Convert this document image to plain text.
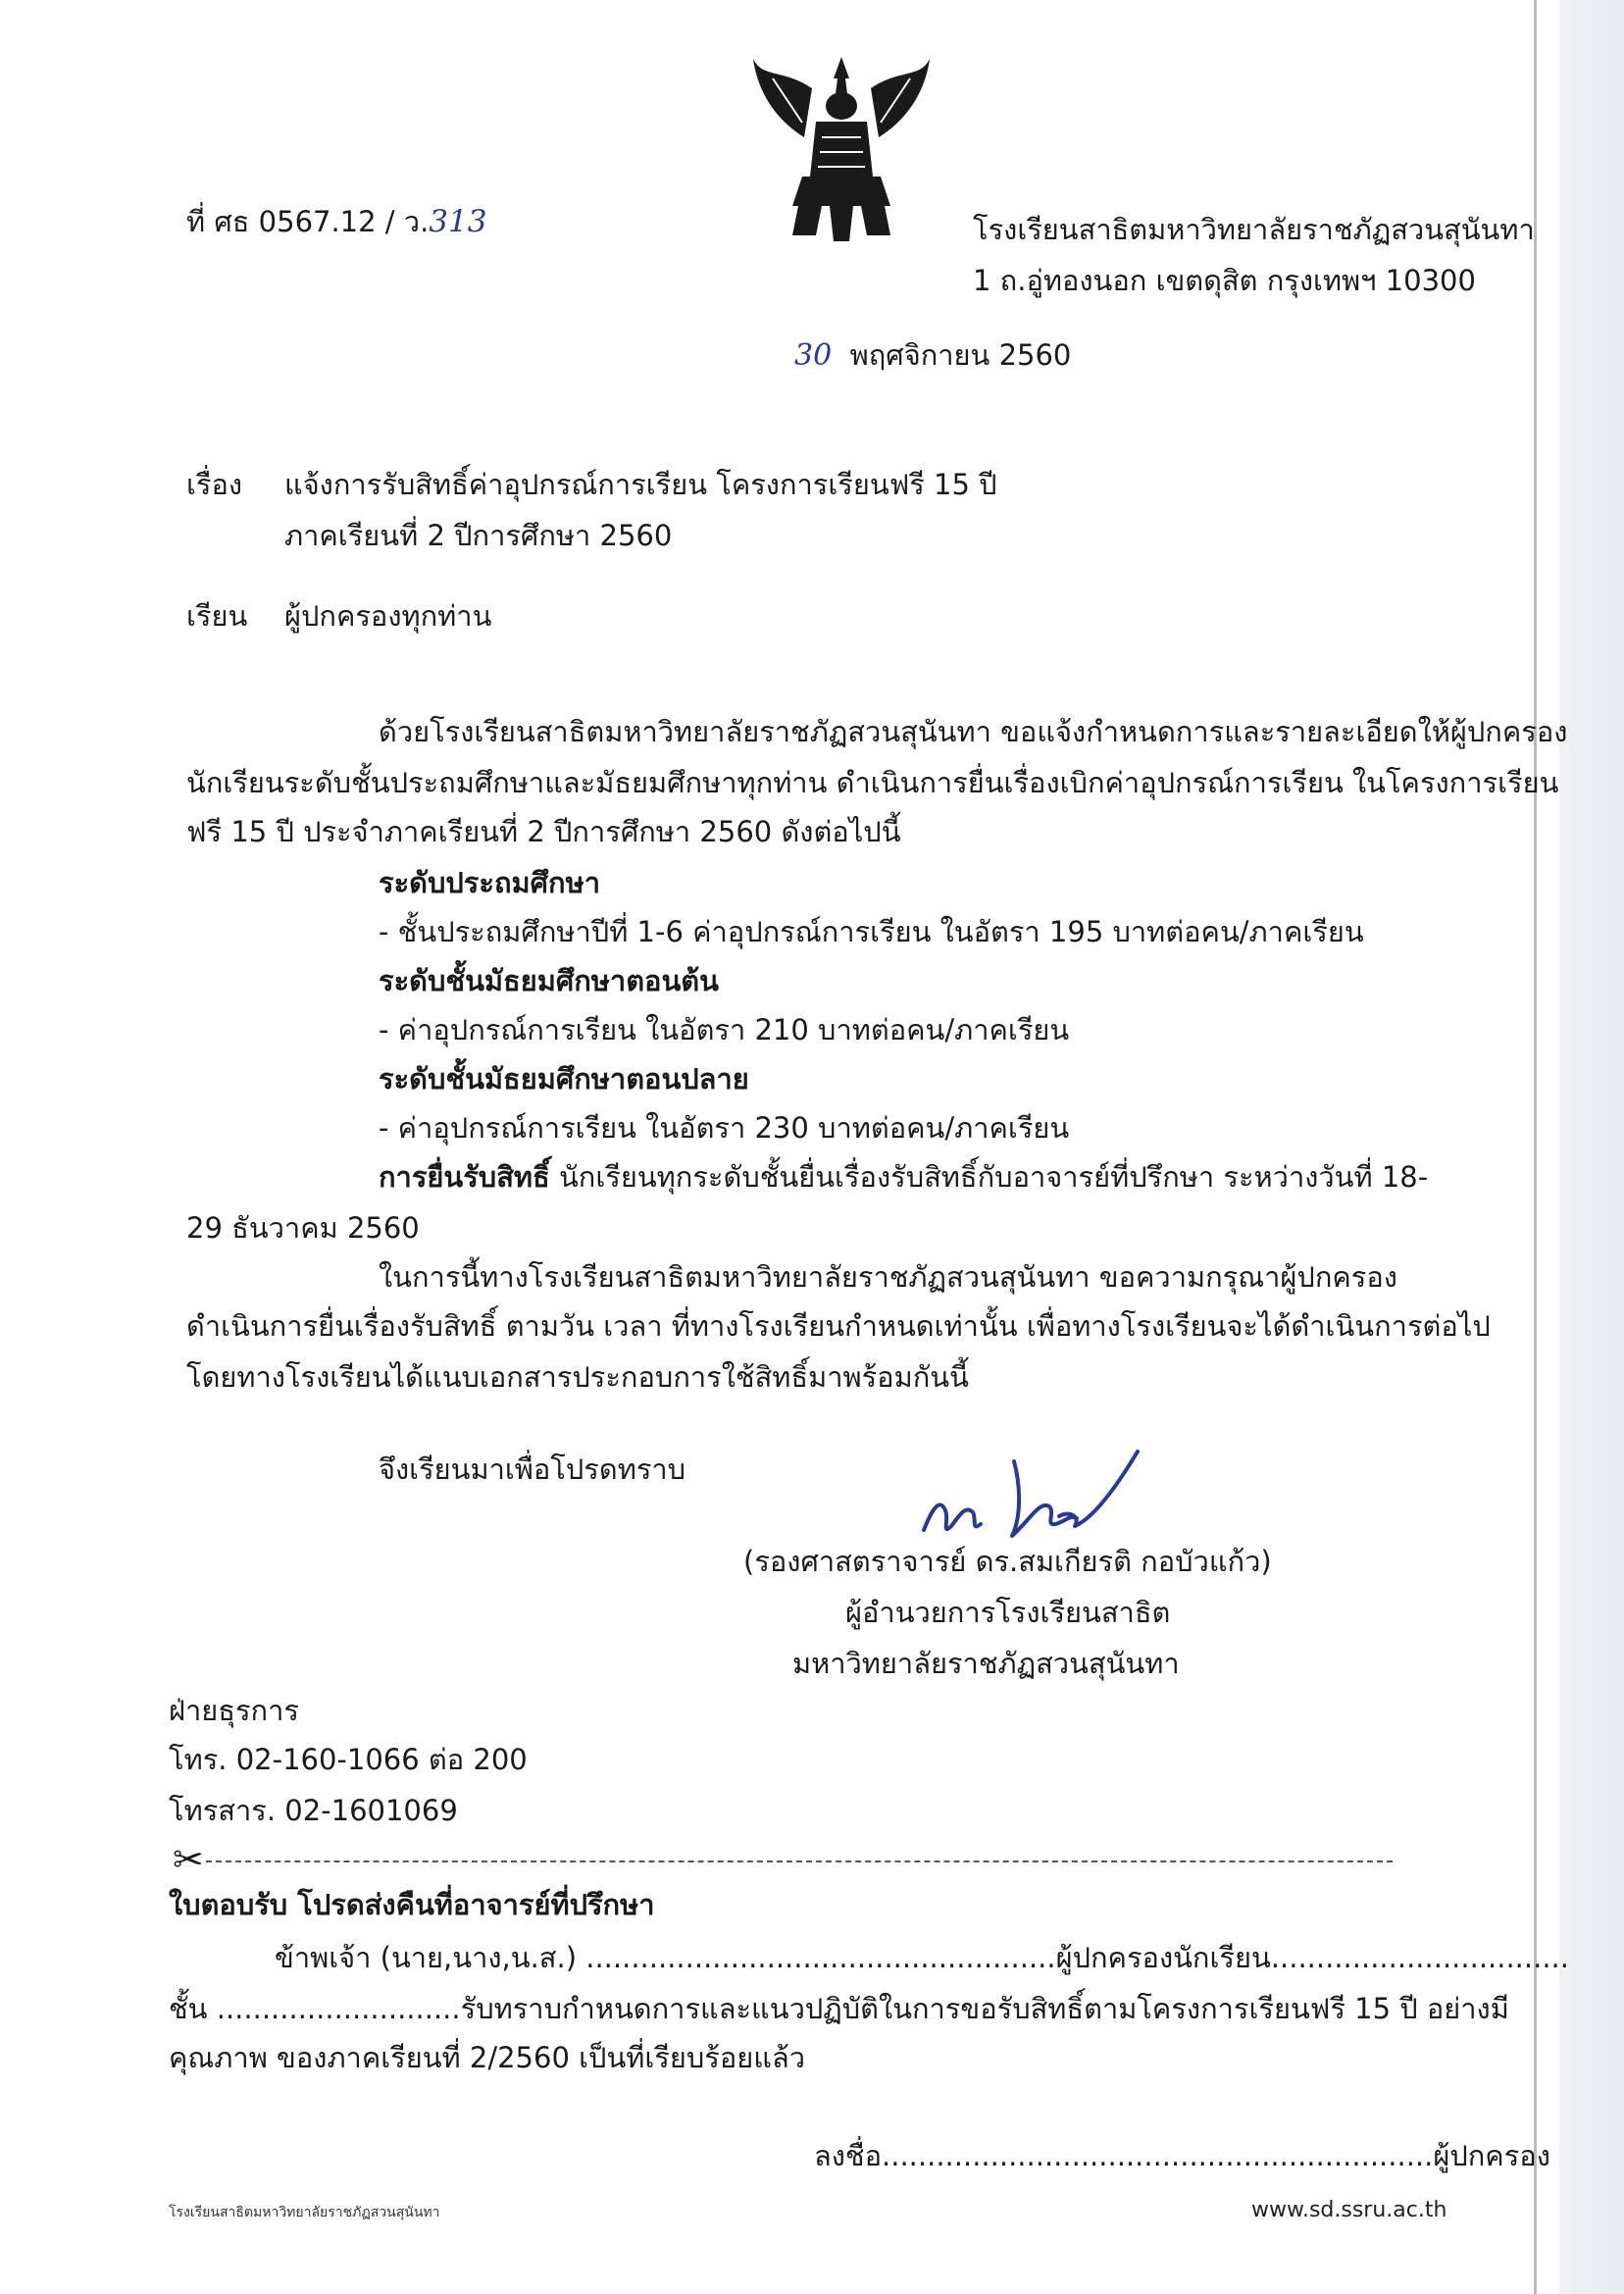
ที่ ศธ 0567.12 / ว.313	โรงเรียนสาธิตมหาวิทยาลัยราชภัฏสวนสุนันทา
1 ถ.อู่ทองนอก เขตดุสิต กรุงเทพฯ 10300
30 พฤศจิกายน 2560
เรื่อง แจ้งการรับสิทธิ์ค่าอุปกรณ์การเรียน โครงการเรียนฟรี 15 ปี
ภาคเรียนที่ 2 ปีการศึกษา 2560
เรียน ผู้ปกครองทุกท่าน
ด้วยโรงเรียนสาธิตมหาวิทยาลัยราชภัฏสวนสุนันทา ขอแจ้งกำหนดการและรายละเอียดให้ผู้ปกครอง
นักเรียนระดับชั้นประถมศึกษาและมัธยมศึกษาทุกท่าน ดำเนินการยื่นเรื่องเบิกค่าอุปกรณ์การเรียน ในโครงการเรียน
ฟรี 15 ปี ประจำภาคเรียนที่ 2 ปีการศึกษา 2560 ดังต่อไปนี้
ระดับประถมศึกษา
- ชั้นประถมศึกษาปีที่ 1-6 ค่าอุปกรณ์การเรียน ในอัตรา 195 บาทต่อคน/ภาคเรียน
ระดับชั้นมัธยมศึกษาตอนต้น
- ค่าอุปกรณ์การเรียน ในอัตรา 210 บาทต่อคน/ภาคเรียน
ระดับชั้นมัธยมศึกษาตอนปลาย
- ค่าอุปกรณ์การเรียน ในอัตรา 230 บาทต่อคน/ภาคเรียน
การยื่นรับสิทธิ์ นักเรียนทุกระดับชั้นยื่นเรื่องรับสิทธิ์กับอาจารย์ที่ปรึกษา ระหว่างวันที่ 18-
29 ธันวาคม 2560
ในการนี้ทางโรงเรียนสาธิตมหาวิทยาลัยราชภัฏสวนสุนันทา ขอความกรุณาผู้ปกครอง
ดำเนินการยื่นเรื่องรับสิทธิ์ ตามวัน เวลา ที่ทางโรงเรียนกำหนดเท่านั้น เพื่อทางโรงเรียนจะได้ดำเนินการต่อไป
โดยทางโรงเรียนได้แนบเอกสารประกอบการใช้สิทธิ์มาพร้อมกันนี้
จึงเรียนมาเพื่อโปรดทราบ
(รองศาสตราจารย์ ดร.สมเกียรติ กอบัวแก้ว)
ผู้อำนวยการโรงเรียนสาธิต
มหาวิทยาลัยราชภัฏสวนสุนันทา
ฝ่ายธุรการ
โทร. 02-160-1066 ต่อ 200
โทรสาร. 02-1601069
✂
ใบตอบรับ โปรดส่งคืนที่อาจารย์ที่ปรึกษา
ข้าพเจ้า (นาย,นาง,น.ส.) ....................................................ผู้ปกครองนักเรียน.................................
ชั้น ...........................รับทราบกำหนดการและแนวปฏิบัติในการขอรับสิทธิ์ตามโครงการเรียนฟรี 15 ปี อย่างมี
คุณภาพ ของภาคเรียนที่ 2/2560 เป็นที่เรียบร้อยแล้ว
ลงชื่อ.............................................................ผู้ปกครอง
โรงเรียนสาธิตมหาวิทยาลัยราชภัฏสวนสุนันทา	www.sd.ssru.ac.th
